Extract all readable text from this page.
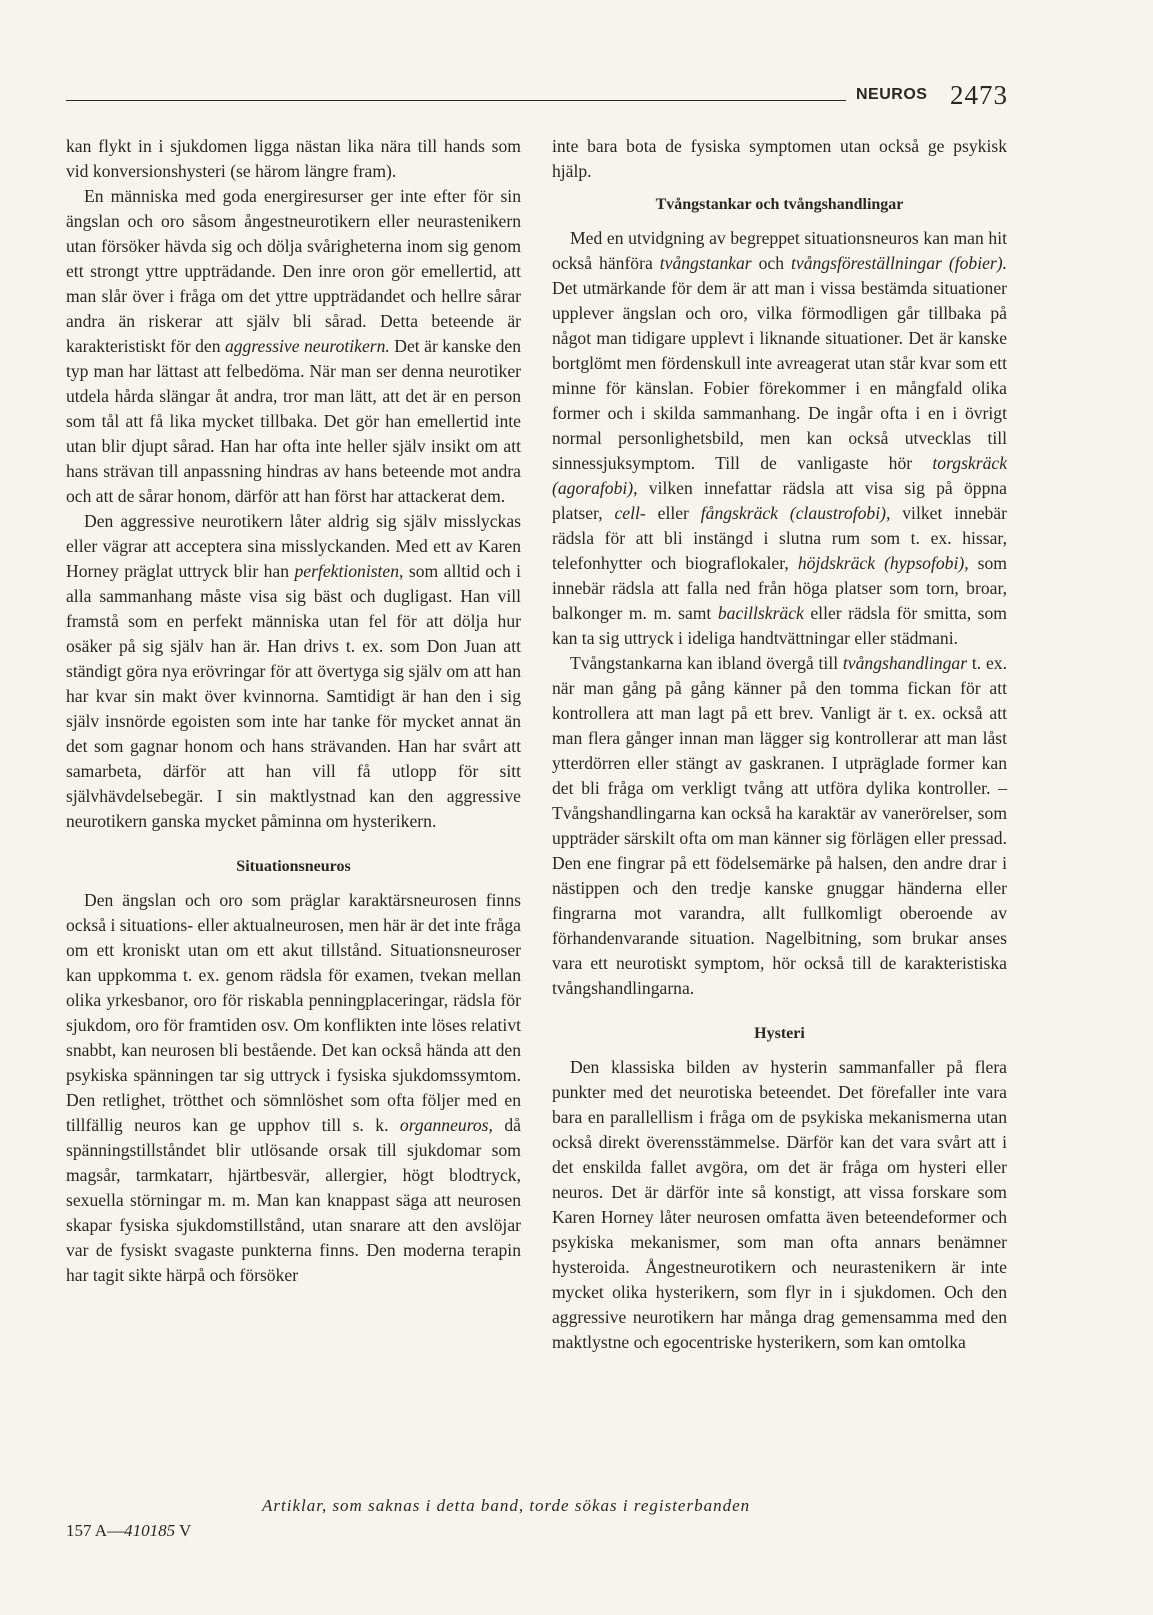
NEUROS 2473

kan flykt in i sjukdomen ligga nästan lika nära till hands som vid konversionshysteri (se härom längre fram).

En människa med goda energiresurser ger inte efter för sin ängslan och oro såsom ångestneurotikern eller neurastenikern utan försöker hävda sig och dölja svårigheterna inom sig genom ett strongt yttre uppträdande. Den inre oron gör emellertid, att man slår över i fråga om det yttre uppträdandet och hellre sårar andra än riskerar att själv bli sårad. Detta beteende är karakteristiskt för den aggressive neurotikern. Det är kanske den typ man har lättast att felbedöma. När man ser denna neurotiker utdela hårda slängar åt andra, tror man lätt, att det är en person som tål att få lika mycket tillbaka. Det gör han emellertid inte utan blir djupt sårad. Han har ofta inte heller själv insikt om att hans strävan till anpassning hindras av hans beteende mot andra och att de sårar honom, därför att han först har attackerat dem.

Den aggressive neurotikern låter aldrig sig själv misslyckas eller vägrar att acceptera sina misslyckanden. Med ett av Karen Horney präglat uttryck blir han perfektionisten, som alltid och i alla sammanhang måste visa sig bäst och dugligast. Han vill framstå som en perfekt människa utan fel för att dölja hur osäker på sig själv han är. Han drivs t. ex. som Don Juan att ständigt göra nya erövringar för att övertyga sig själv om att han har kvar sin makt över kvinnorna. Samtidigt är han den i sig själv insnörde egoisten som inte har tanke för mycket annat än det som gagnar honom och hans strävanden. Han har svårt att samarbeta, därför att han vill få utlopp för sitt självhävdelsebegär. I sin maktlystnad kan den aggressive neurotikern ganska mycket påminna om hysterikern.

Situationsneuros

Den ängslan och oro som präglar karaktärsneurosen finns också i situations- eller aktualneurosen, men här är det inte fråga om ett kroniskt utan om ett akut tillstånd. Situationsneuroser kan uppkomma t. ex. genom rädsla för examen, tvekan mellan olika yrkesbanor, oro för riskabla penningplaceringar, rädsla för sjukdom, oro för framtiden osv. Om konflikten inte löses relativt snabbt, kan neurosen bli bestående. Det kan också hända att den psykiska spänningen tar sig uttryck i fysiska sjukdomssymtom. Den retlighet, trötthet och sömnlöshet som ofta följer med en tillfällig neuros kan ge upphov till s. k. organneuros, då spänningstillståndet blir utlösande orsak till sjukdomar som magsår, tarmkatarr, hjärtbesvär, allergier, högt blodtryck, sexuella störningar m. m. Man kan knappast säga att neurosen skapar fysiska sjukdomstillstånd, utan snarare att den avslöjar var de fysiskt svagaste punkterna finns. Den moderna terapin har tagit sikte härpå och försöker

inte bara bota de fysiska symptomen utan också ge psykisk hjälp.

Tvångstankar och tvångshandlingar

Med en utvidgning av begreppet situationsneuros kan man hit också hänföra tvångstankar och tvångsföreställningar (fobier). Det utmärkande för dem är att man i vissa bestämda situationer upplever ängslan och oro, vilka förmodligen går tillbaka på något man tidigare upplevt i liknande situationer. Det är kanske bortglömt men fördenskull inte avreagerat utan står kvar som ett minne för känslan. Fobier förekommer i en mångfald olika former och i skilda sammanhang. De ingår ofta i en i övrigt normal personlighetsbild, men kan också utvecklas till sinnessjuksymptom. Till de vanligaste hör torgskräck (agorafobi), vilken innefattar rädsla att visa sig på öppna platser, cell- eller fångskräck (claustrofobi), vilket innebär rädsla för att bli instängd i slutna rum som t. ex. hissar, telefonhytter och biograflokaler, höjdskräck (hypsofobi), som innebär rädsla att falla ned från höga platser som torn, broar, balkonger m. m. samt bacillskräck eller rädsla för smitta, som kan ta sig uttryck i ideliga handtvättningar eller städmani.

Tvångstankarna kan ibland övergå till tvångshandlingar t. ex. när man gång på gång känner på den tomma fickan för att kontrollera att man lagt på ett brev. Vanligt är t. ex. också att man flera gånger innan man lägger sig kontrollerar att man låst ytterdörren eller stängt av gaskranen. I utpräglade former kan det bli fråga om verkligt tvång att utföra dylika kontroller. – Tvångshandlingarna kan också ha karaktär av vanerörelser, som uppträder särskilt ofta om man känner sig förlägen eller pressad. Den ene fingrar på ett födelsemärke på halsen, den andre drar i nästippen och den tredje kanske gnuggar händerna eller fingrarna mot varandra, allt fullkomligt oberoende av förhandenvarande situation. Nagelbitning, som brukar anses vara ett neurotiskt symptom, hör också till de karakteristiska tvångshandlingarna.

Hysteri

Den klassiska bilden av hysterin sammanfaller på flera punkter med det neurotiska beteendet. Det förefaller inte vara bara en parallellism i fråga om de psykiska mekanismerna utan också direkt överensstämmelse. Därför kan det vara svårt att i det enskilda fallet avgöra, om det är fråga om hysteri eller neuros. Det är därför inte så konstigt, att vissa forskare som Karen Horney låter neurosen omfatta även beteendeformer och psykiska mekanismer, som man ofta annars benämner hysteroida. Ångestneurotikern och neurastenikern är inte mycket olika hysterikern, som flyr in i sjukdomen. Och den aggressive neurotikern har många drag gemensamma med den maktlystne och egocentriske hysterikern, som kan omtolka

Artiklar, som saknas i detta band, torde sökas i registerbanden
157 A—410185 V
